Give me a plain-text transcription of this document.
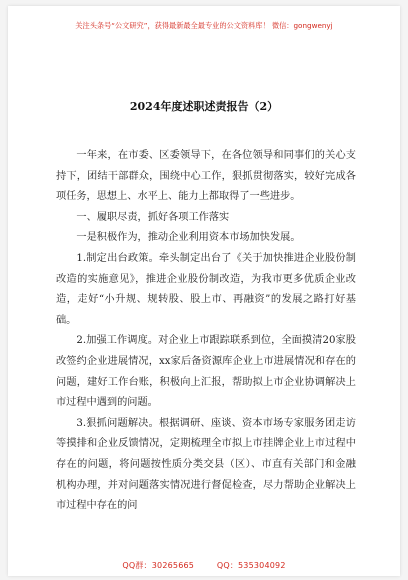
关注头条号“公文研究”，获得最新最全最专业的公文资料库！ 微信：gongwenyj
2024年度述职述责报告（2）

一年来，在市委、区委领导下，在各位领导和同事们的关心支持下，团结干部群众，围绕中心工作，狠抓贯彻落实，较好完成各项任务，思想上、水平上、能力上都取得了一些进步。

一、履职尽责，抓好各项工作落实

一是积极作为，推动企业利用资本市场加快发展。

1.制定出台政策。牵头制定出台了《关于加快推进企业股份制改造的实施意见》，推进企业股份制改造，为我市更多优质企业改造，走好“小升规、规转股、股上市、再融资”的发展之路打好基础。

2.加强工作调度。对企业上市跟踪联系到位，全面摸清20家股改签约企业进展情况，xx家后备资源库企业上市进展情况和存在的问题，建好工作台账，积极向上汇报，帮助拟上市企业协调解决上市过程中遇到的问题。

3.狠抓问题解决。根据调研、座谈、资本市场专家服务团走访等摸排和企业反馈情况，定期梳理全市拟上市挂牌企业上市过程中存在的问题，将问题按性质分类交县（区）、市直有关部门和金融机构办理，并对问题落实情况进行督促检查，尽力帮助企业解决上市过程中存在的问

QQ群：30265665	QQ：535304092
